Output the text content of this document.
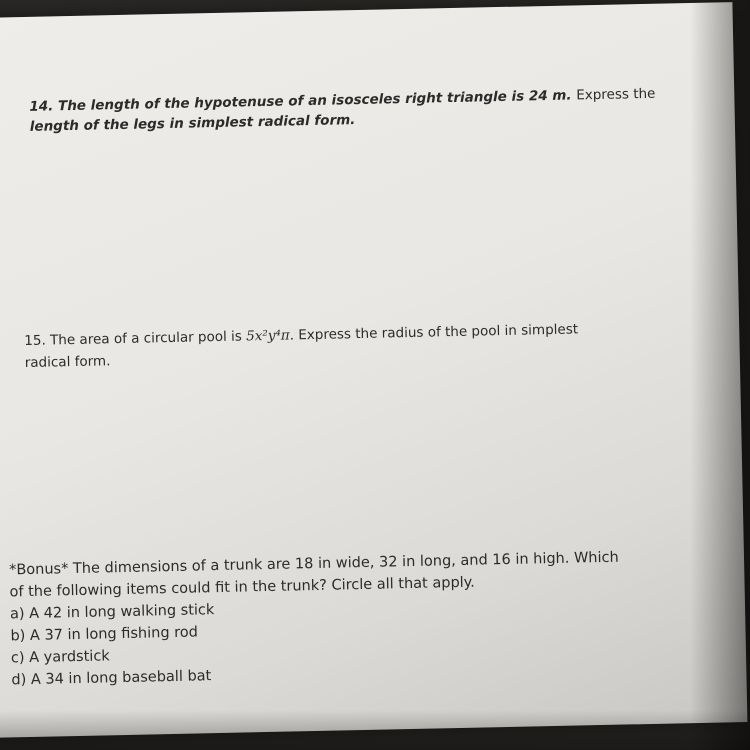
14. The length of the hypotenuse of an isosceles right triangle is 24 m. Express the
length of the legs in simplest radical form.
15. The area of a circular pool is 5x²y⁴π. Express the radius of the pool in simplest
radical form.
*Bonus* The dimensions of a trunk are 18 in wide, 32 in long, and 16 in high. Which
of the following items could fit in the trunk? Circle all that apply.
a) A 42 in long walking stick
b) A 37 in long fishing rod
c) A yardstick
d) A 34 in long baseball bat
